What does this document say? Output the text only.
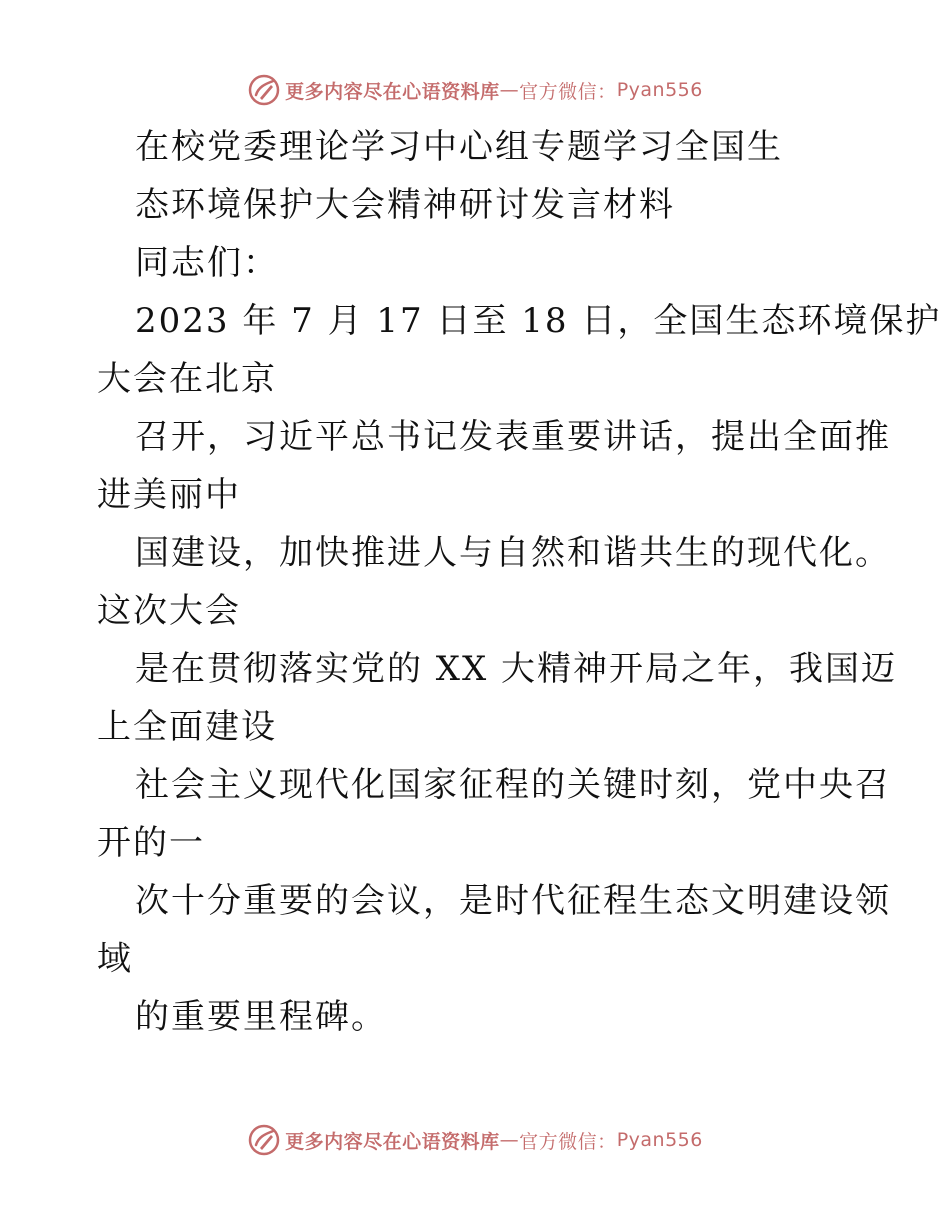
更多内容尽在心语资料库 — 官方微信： Pyan556
在校党委理论学习中心组专题学习全国生
态环境保护大会精神研讨发言材料
同志们：
2023 年 7 月 17 日至 18 日，全国生态环境保护
大会在北京
召开，习近平总书记发表重要讲话，提出全面推
进美丽中
国建设，加快推进人与自然和谐共生的现代化。
这次大会
是在贯彻落实党的 XX 大精神开局之年，我国迈
上全面建设
社会主义现代化国家征程的关键时刻，党中央召
开的一
次十分重要的会议，是时代征程生态文明建设领
域
的重要里程碑。
更多内容尽在心语资料库 — 官方微信： Pyan556
